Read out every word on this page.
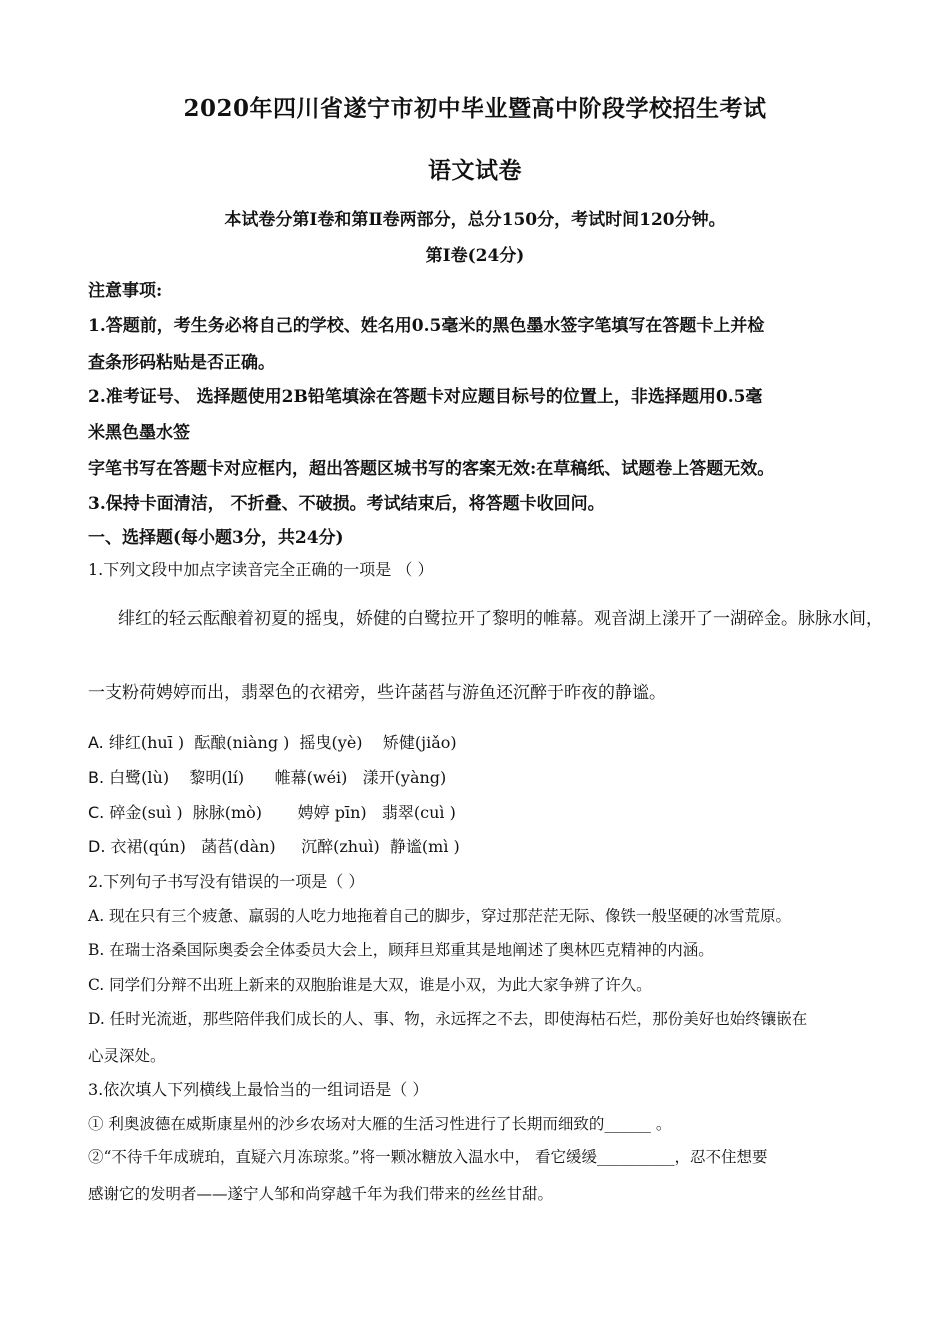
2020年四川省遂宁市初中毕业暨高中阶段学校招生考试
语文试卷
本试卷分第Ⅰ卷和第Ⅱ卷两部分，总分150分，考试时间120分钟。
第Ⅰ卷(24分)
注意事项:
1.答题前，考生务必将自己的学校、姓名用0.5毫米的黑色墨水签字笔填写在答题卡上并检
查条形码粘贴是否正确。
2.准考证号、 选择题使用2B铅笔填涂在答题卡对应题目标号的位置上，非选择题用0.5毫
米黑色墨水签
字笔书写在答题卡对应框内，超出答题区城书写的客案无效:在草稿纸、试题卷上答题无效。
3.保持卡面清洁， 不折叠、不破损。考试结束后，将答题卡收回问。
一、选择题(每小题3分，共24分)
1.下列文段中加点字读音完全正确的一项是 （ ）
绯红的轻云酝酿着初夏的摇曳，娇健的白鹭拉开了黎明的帷幕。观音湖上漾开了一湖碎金。脉脉水间，
一支粉荷娉婷而出，翡翠色的衣裙旁，些许菡萏与游鱼还沉醉于昨夜的静谧。
A. 绯红(huī )  酝酿(niàng )  摇曳(yè)    矫健(jiǎo)
B. 白鹭(lù)    黎明(lí)      帷幕(wéi)   漾开(yàng)
C. 碎金(suì )  脉脉(mò)       娉婷 pīn)   翡翠(cuì )
D. 衣裙(qún)   菡萏(dàn)     沉醉(zhuì)  静谧(mì )
2.下列句子书写没有错误的一项是（ ）
A. 现在只有三个疲惫、羸弱的人吃力地拖着自己的脚步，穿过那茫茫无际、像铁一般坚硬的冰雪荒原。
B. 在瑞士洛桑国际奥委会全体委员大会上，顾拜旦郑重其是地阐述了奥林匹克精神的内涵。
C. 同学们分辩不出班上新来的双胞胎谁是大双，谁是小双，为此大家争辨了许久。
D. 任时光流逝，那些陪伴我们成长的人、事、物，永远挥之不去，即使海枯石烂，那份美好也始终镶嵌在
心灵深处。
3.依次填人下列横线上最恰当的一组词语是（ ）
① 利奥波德在威斯康星州的沙乡农场对大雁的生活习性进行了长期而细致的______ 。
②“不待千年成琥珀，直疑六月冻琼浆。”将一颗冰糖放入温水中， 看它缓缓__________，忍不住想要
感谢它的发明者——遂宁人邹和尚穿越千年为我们带来的丝丝甘甜。
